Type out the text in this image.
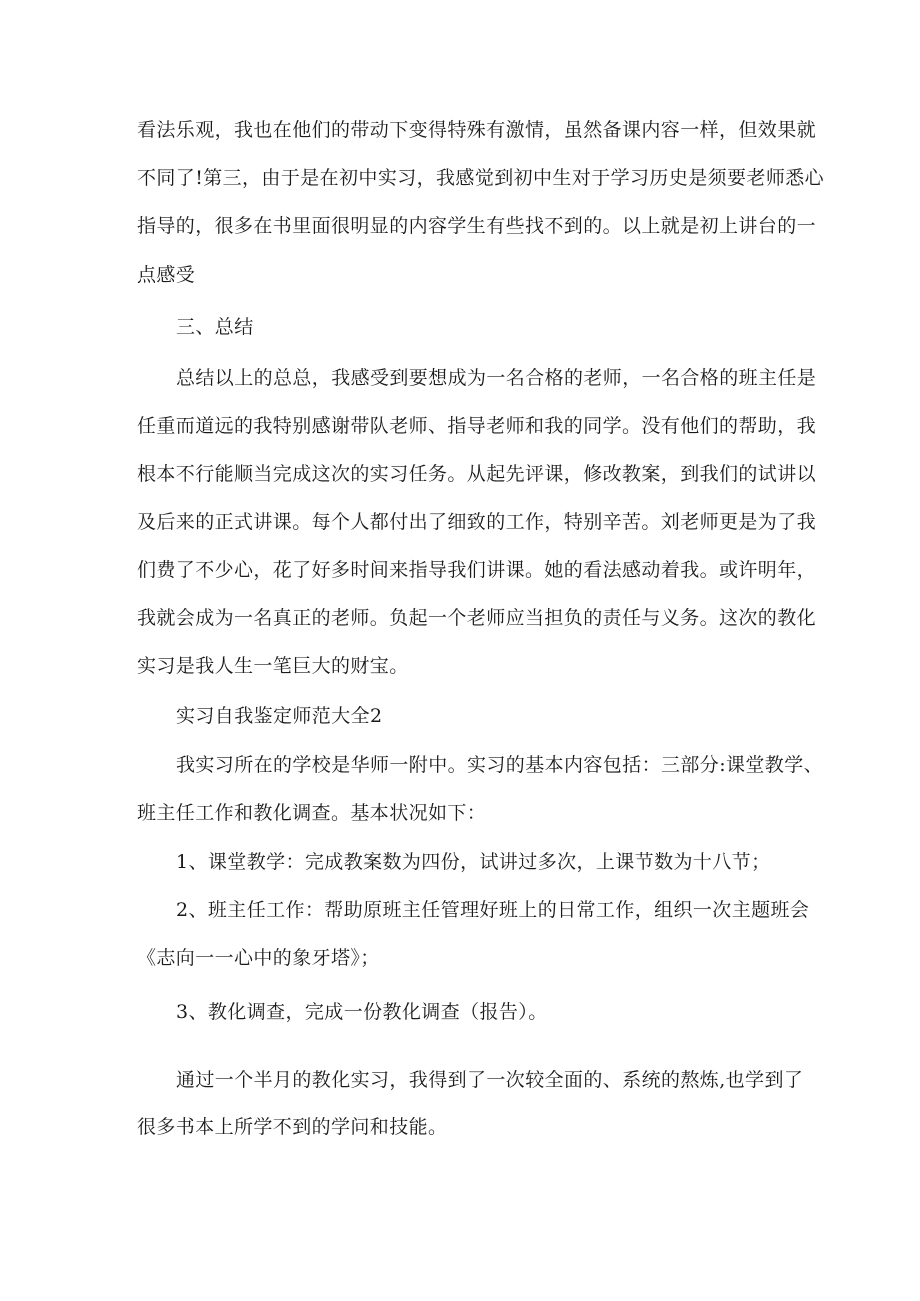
看法乐观，我也在他们的带动下变得特殊有激情，虽然备课内容一样，但效果就
不同了!第三，由于是在初中实习，我感觉到初中生对于学习历史是须要老师悉心
指导的，很多在书里面很明显的内容学生有些找不到的。以上就是初上讲台的一
点感受
三、总结
总结以上的总总，我感受到要想成为一名合格的老师，一名合格的班主任是
任重而道远的我特别感谢带队老师、指导老师和我的同学。没有他们的帮助，我
根本不行能顺当完成这次的实习任务。从起先评课，修改教案，到我们的试讲以
及后来的正式讲课。每个人都付出了细致的工作，特别辛苦。刘老师更是为了我
们费了不少心，花了好多时间来指导我们讲课。她的看法感动着我。或许明年，
我就会成为一名真正的老师。负起一个老师应当担负的责任与义务。这次的教化
实习是我人生一笔巨大的财宝。
实习自我鉴定师范大全2
我实习所在的学校是华师一附中。实习的基本内容包括：三部分:课堂教学、
班主任工作和教化调查。基本状况如下：
1、课堂教学：完成教案数为四份，试讲过多次，上课节数为十八节；
2、班主任工作：帮助原班主任管理好班上的日常工作，组织一次主题班会
《志向一一心中的象牙塔》；
3、教化调查，完成一份教化调查（报告）。
通过一个半月的教化实习，我得到了一次较全面的、系统的熬炼,也学到了
很多书本上所学不到的学问和技能。
